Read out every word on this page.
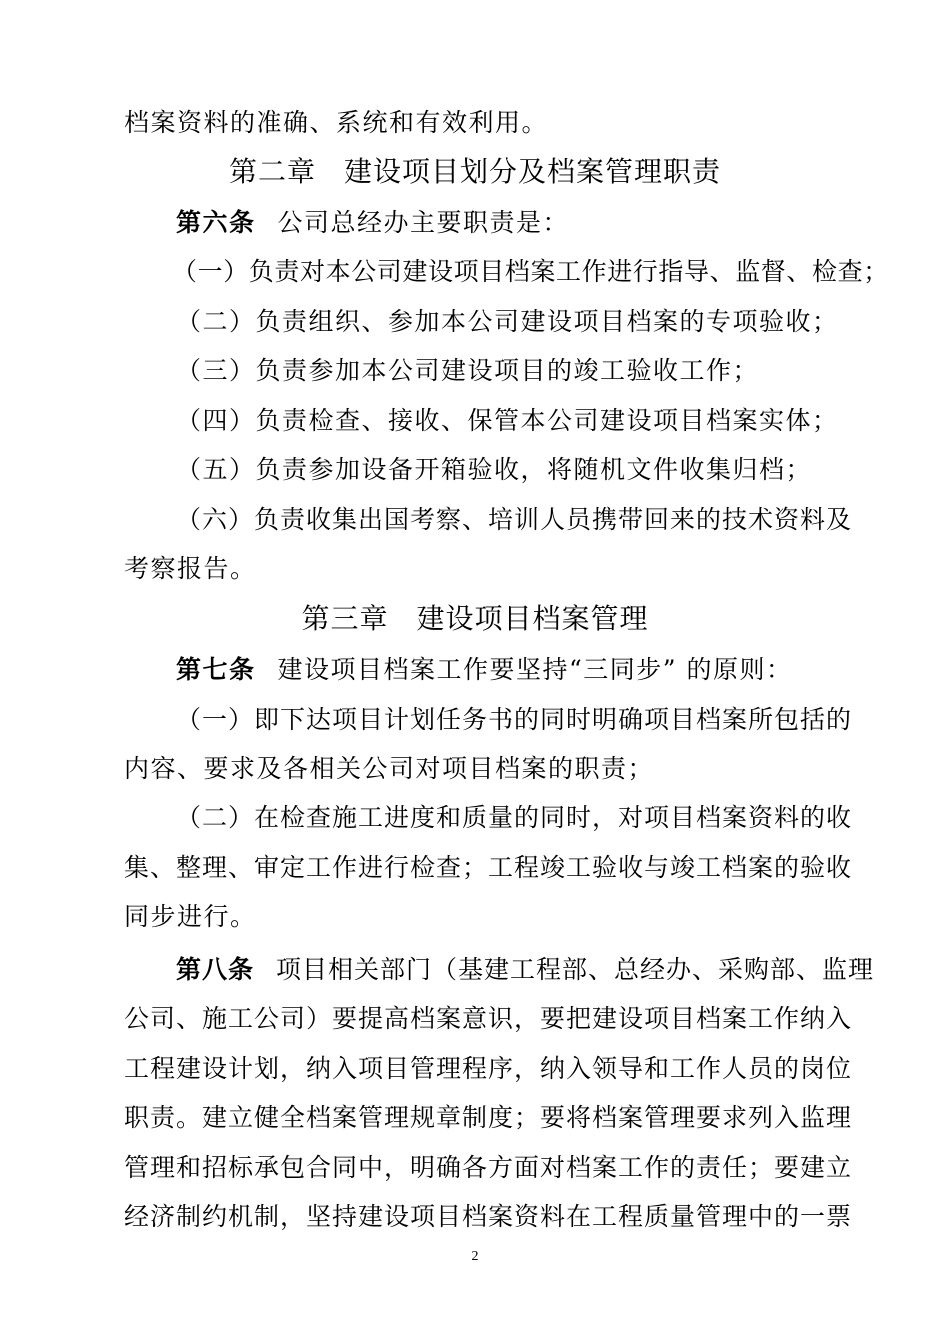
档案资料的准确、系统和有效利用。
第二章 建设项目划分及档案管理职责
第六条 公司总经办主要职责是：
（一）负责对本公司建设项目档案工作进行指导、监督、检查；
（二）负责组织、参加本公司建设项目档案的专项验收；
（三）负责参加本公司建设项目的竣工验收工作；
（四）负责检查、接收、保管本公司建设项目档案实体；
（五）负责参加设备开箱验收，将随机文件收集归档；
（六）负责收集出国考察、培训人员携带回来的技术资料及
考察报告。
第三章 建设项目档案管理
第七条 建设项目档案工作要坚持“三同步” 的原则：
（一）即下达项目计划任务书的同时明确项目档案所包括的
内容、要求及各相关公司对项目档案的职责；
（二）在检查施工进度和质量的同时，对项目档案资料的收
集、整理、审定工作进行检查；工程竣工验收与竣工档案的验收
同步进行。
第八条 项目相关部门（基建工程部、总经办、采购部、监理
公司、施工公司）要提高档案意识，要把建设项目档案工作纳入
工程建设计划，纳入项目管理程序，纳入领导和工作人员的岗位
职责。建立健全档案管理规章制度；要将档案管理要求列入监理
管理和招标承包合同中，明确各方面对档案工作的责任；要建立
经济制约机制，坚持建设项目档案资料在工程质量管理中的一票
2
